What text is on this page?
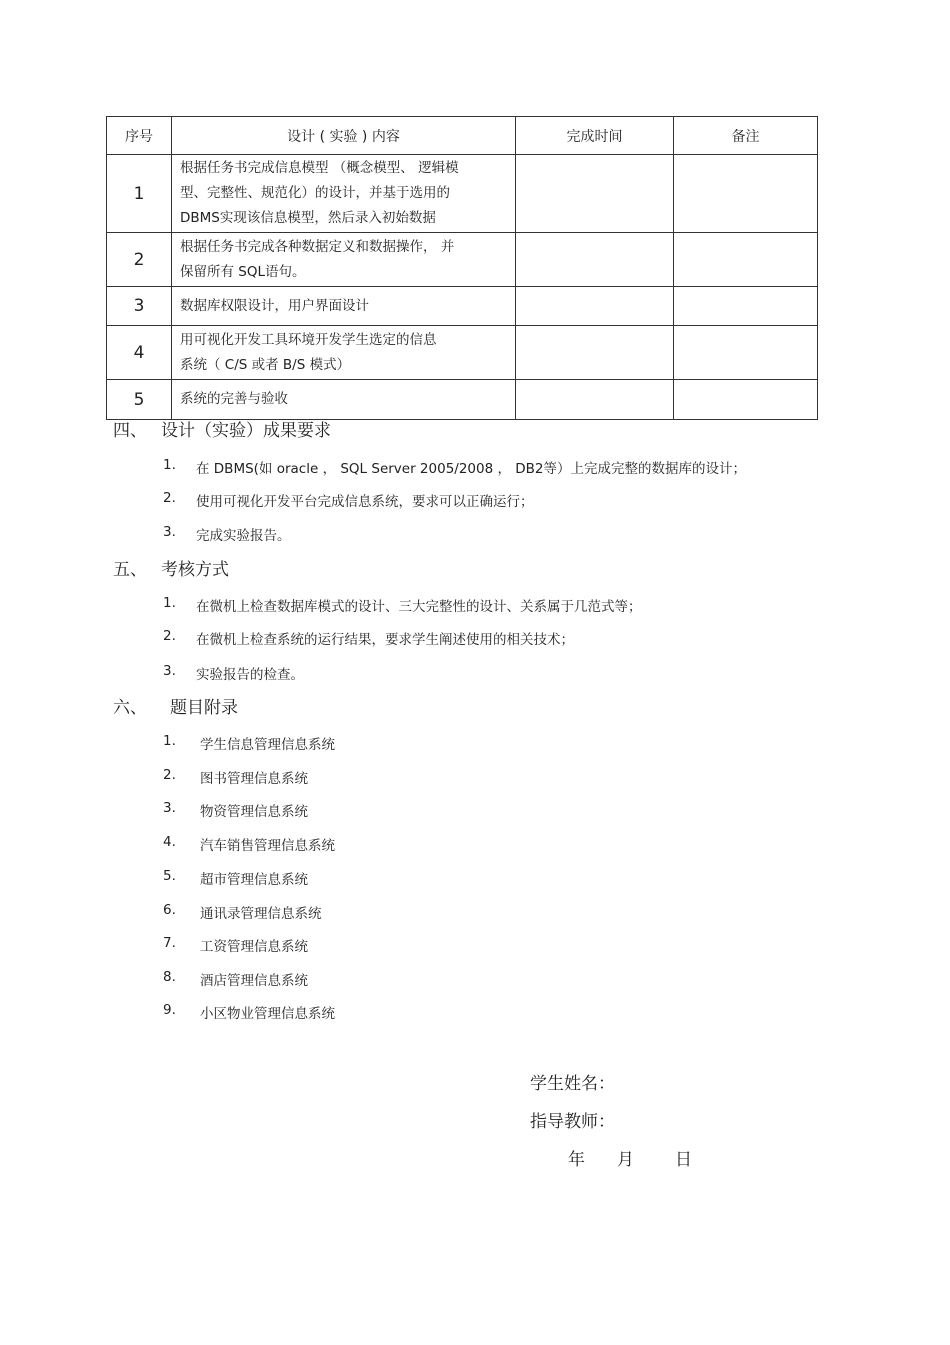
序号	设计 ( 实验 ) 内容	完成时间	备注
1	根据任务书完成信息模型 （概念模型、 逻辑模
型、完整性、规范化）的设计，并基于选用的
DBMS实现该信息模型，然后录入初始数据		

2	根据任务书完成各种数据定义和数据操作， 并
保留所有 SQL语句。		

3	数据库权限设计，用户界面设计		

4	用可视化开发工具环境开发学生选定的信息
系统（ C/S 或者 B/S 模式）		

5	系统的完善与验收		

四、 设计（实验）成果要求
1.	在 DBMS(如 oracle ， SQL Server 2005/2008 ， DB2等）上完成完整的数据库的设计；
2.	使用可视化开发平台完成信息系统，要求可以正确运行；
3.	完成实验报告。
五、 考核方式
1.	在微机上检查数据库模式的设计、三大完整性的设计、关系属于几范式等；
2.	在微机上检查系统的运行结果，要求学生阐述使用的相关技术；
3.	实验报告的检查。
六、 题目附录
1. 学生信息管理信息系统
2. 图书管理信息系统
3. 物资管理信息系统
4. 汽车销售管理信息系统
5. 超市管理信息系统
6. 通讯录管理信息系统
7. 工资管理信息系统
8. 酒店管理信息系统
9. 小区物业管理信息系统
学生姓名：
指导教师：
年 月 日
